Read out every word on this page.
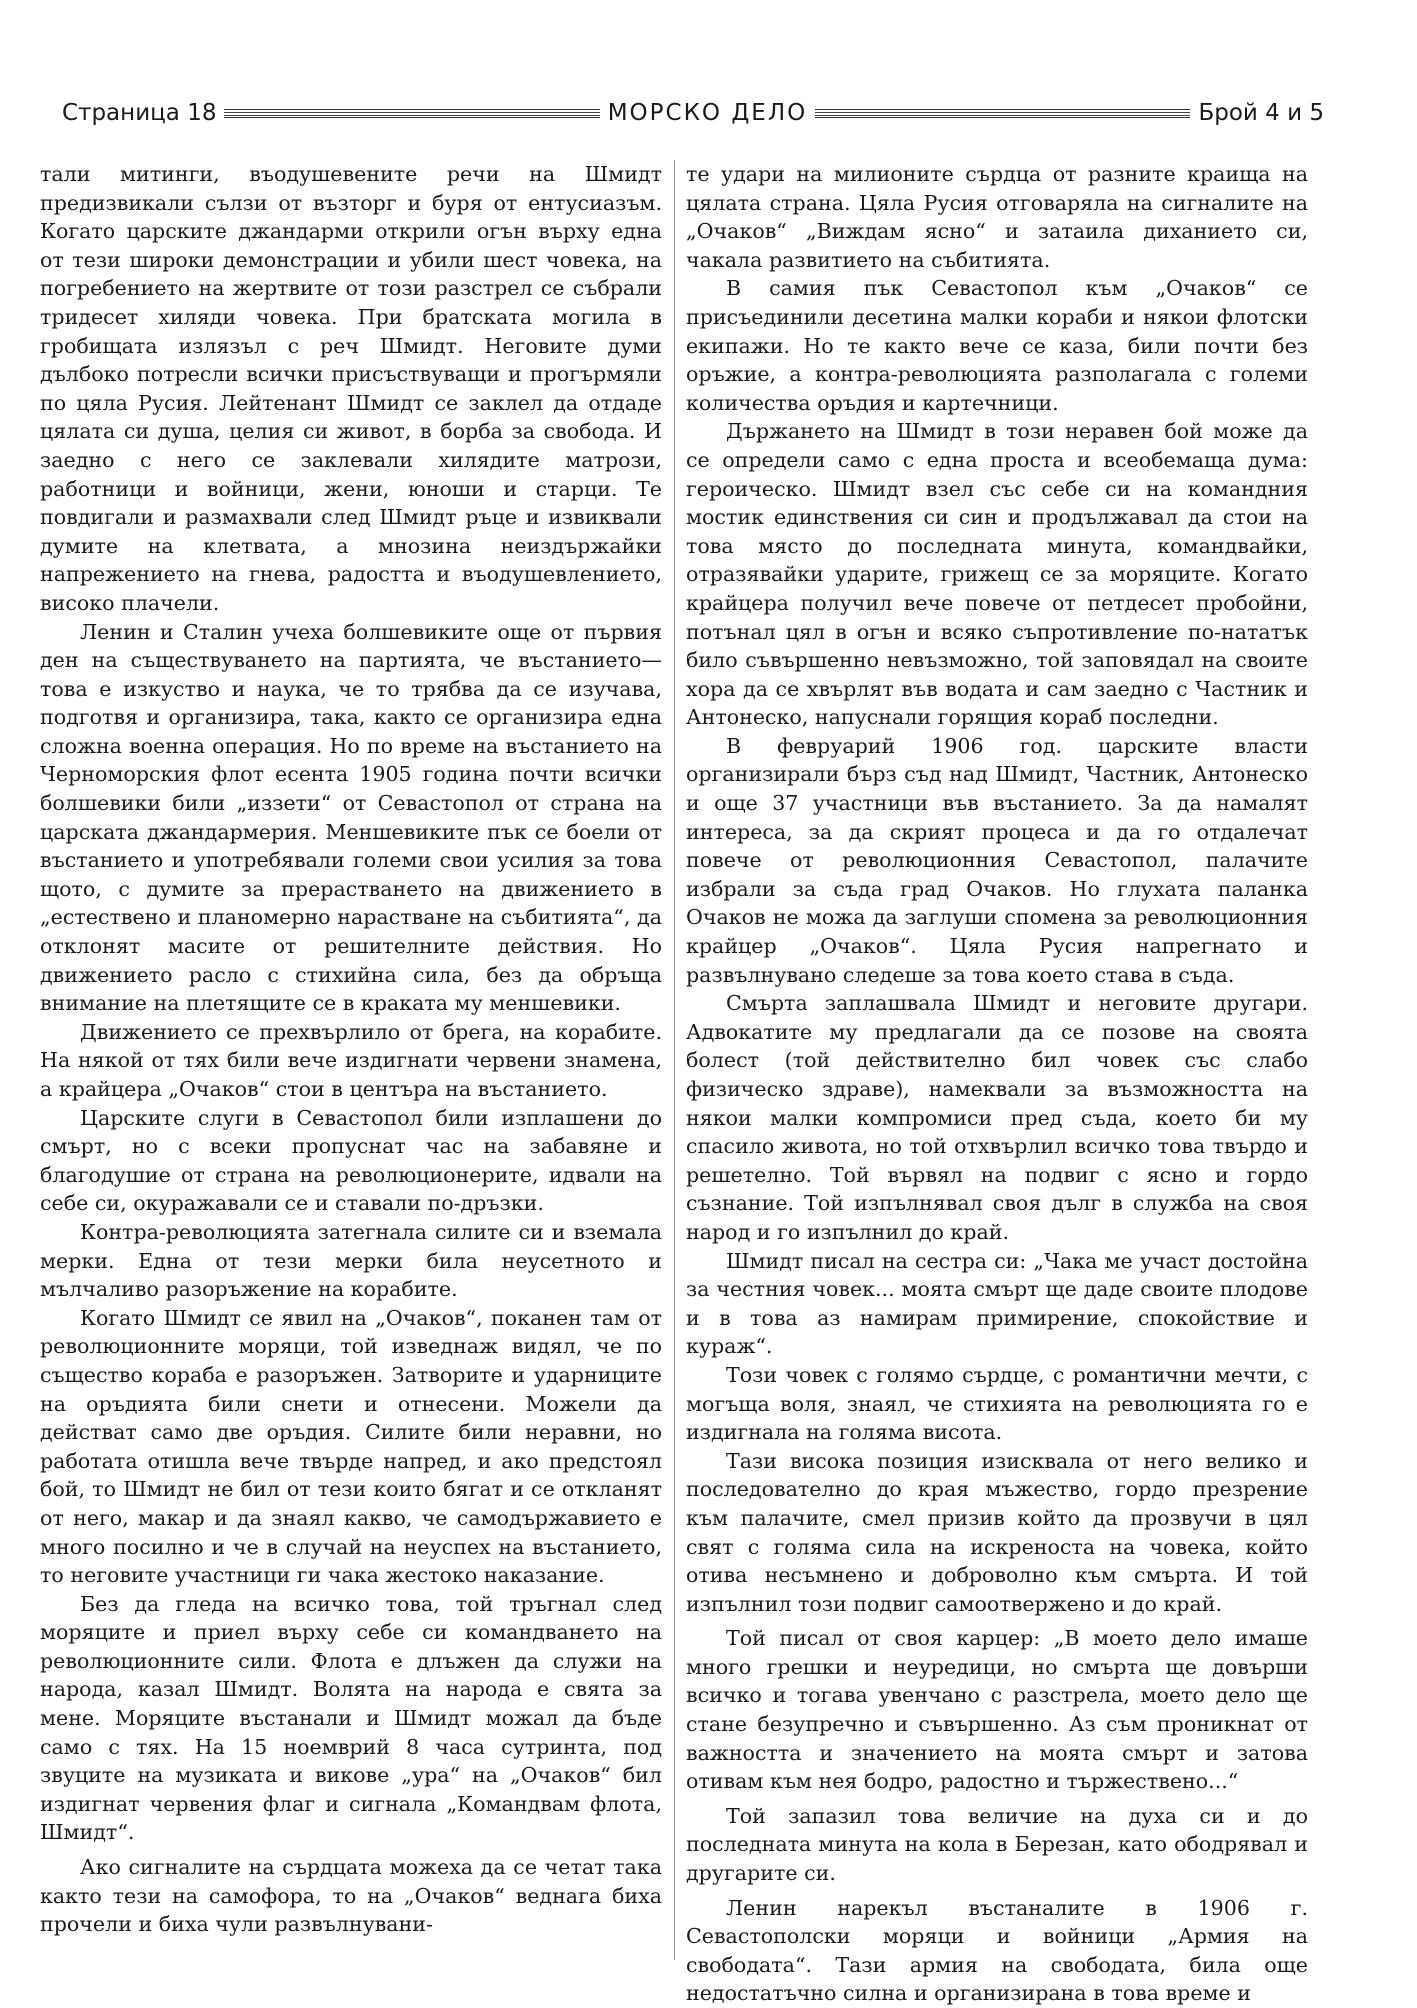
Страница 18	МОРСКО ДЕЛО	Брой 4 и 5

тали митинги, въодушевените речи на Шмидт предизвикали сълзи от възторг и буря от ентусиазъм. Когато царските джандарми открили огън върху една от тези широки демонстрации и убили шест човека, на погребението на жертвите от този разстрел се събрали тридесет хиляди човека. При братската могила в гробищата излязъл с реч Шмидт. Неговите думи дълбоко потресли всички присъствуващи и прогърмяли по цяла Русия. Лейтенант Шмидт се заклел да отдаде цялата си душа, целия си живот, в борба за свобода. И заедно с него се заклевали хилядите матрози, работници и войници, жени, юноши и старци. Те повдигали и размахвали след Шмидт ръце и извиквали думите на клетвата, а мнозина неиздържайки напрежението на гнева, радостта и въодушевлението, високо плачели.

Ленин и Сталин учеха болшевиките още от първия ден на съществуването на партията, че въстанието—това е изкуство и наука, че то трябва да се изучава, подготвя и организира, така, както се организира една сложна военна операция. Но по време на въстанието на Черноморския флот есента 1905 година почти всички болшевики били „иззети“ от Севастопол от страна на царската джандармерия. Меншевиките пък се боели от въстанието и употребявали големи свои усилия за това щото, с думите за прерастването на движението в „естествено и планомерно нарастване на събитията“, да отклонят масите от решителните действия. Но движението расло с стихийна сила, без да обръща внимание на плетящите се в краката му меншевики.

Движението се прехвърлило от брега, на корабите. На някой от тях били вече издигнати червени знамена, а крайцера „Очаков“ стои в центъра на въстанието.

Царските слуги в Севастопол били изплашени до смърт, но с всеки пропуснат час на забавяне и благодушие от страна на революционерите, идвали на себе си, окуражавали се и ставали по-дръзки.

Контра-революцията затегнала силите си и вземала мерки. Една от тези мерки била неусетното и мълчаливо разоръжение на корабите.

Когато Шмидт се явил на „Очаков“, поканен там от революционните моряци, той изведнаж видял, че по същество кораба е разоръжен. Затворите и ударниците на оръдията били снети и отнесени. Можели да действат само две оръдия. Силите били неравни, но работата отишла вече твърде напред, и ако предстоял бой, то Шмидт не бил от тези които бягат и се откланят от него, макар и да знаял какво, че самодържавието е много посилно и че в случай на неуспех на въстанието, то неговите участници ги чака жестоко наказание.

Без да гледа на всичко това, той тръгнал след моряците и приел върху себе си командването на революционните сили. Флота е длъжен да служи на народа, казал Шмидт. Волята на народа е свята за мене. Моряците въстанали и Шмидт можал да бъде само с тях. На 15 ноемврий 8 часа сутринта, под звуците на музиката и викове „ура“ на „Очаков“ бил издигнат червения флаг и сигнала „Командвам флота, Шмидт“.

Ако сигналите на сърдцата можеха да се четат така както тези на самофора, то на „Очаков“ веднага биха прочели и биха чули развълнувани-

те удари на милионите сърдца от разните краища на цялата страна. Цяла Русия отговаряла на сигналите на „Очаков“ „Виждам ясно“ и затаила диханието си, чакала развитието на събитията.

В самия пък Севастопол към „Очаков“ се присъединили десетина малки кораби и някои флотски екипажи. Но те както вече се каза, били почти без оръжие, а контра-революцията разполагала с големи количества оръдия и картечници.

Държането на Шмидт в този неравен бой може да се определи само с една проста и всеобемаща дума: героическо. Шмидт взел със себе си на командния мостик единствения си син и продължавал да стои на това място до последната минута, командвайки, отразявайки ударите, грижещ се за моряците. Когато крайцера получил вече повече от петдесет пробойни, потънал цял в огън и всяко съпротивление по-нататък било съвършенно невъзможно, той заповядал на своите хора да се хвърлят във водата и сам заедно с Частник и Антонеско, напуснали горящия кораб последни.

В февруарий 1906 год. царските власти организирали бърз съд над Шмидт, Частник, Антонеско и още 37 участници във въстанието. За да намалят интереса, за да скрият процеса и да го отдалечат повече от революционния Севастопол, палачите избрали за съда град Очаков. Но глухата паланка Очаков не можа да заглуши спомена за революционния крайцер „Очаков“. Цяла Русия напрегнато и развълнувано следеше за това което става в съда.

Смърта заплашвала Шмидт и неговите другари. Адвокатите му предлагали да се позове на своята болест (той действително бил човек със слабо физическо здраве), намеквали за възможността на някои малки компромиси пред съда, което би му спасило живота, но той отхвърлил всичко това твърдо и решетелно. Той вървял на подвиг с ясно и гордо съзнание. Той изпълнявал своя дълг в служба на своя народ и го изпълнил до край.

Шмидт писал на сестра си: „Чака ме участ достойна за честния човек... моята смърт ще даде своите плодове и в това аз намирам примирение, спокойствие и кураж“.

Този човек с голямо сърдце, с романтични мечти, с могъща воля, знаял, че стихията на революцията го е издигнала на голяма висота.

Тази висока позиция изисквала от него велико и последователно до края мъжество, гордо презрение към палачите, смел призив който да прозвучи в цял свят с голяма сила на искреноста на човека, който отива несъмнено и доброволно към смърта. И той изпълнил този подвиг самоотвержено и до край.

Той писал от своя карцер: „В моето дело имаше много грешки и неуредици, но смърта ще довърши всичко и тогава увенчано с разстрела, моето дело ще стане безупречно и съвършенно. Аз съм проникнат от важността и значението на моята смърт и затова отивам към нея бодро, радостно и тържествено...“

Той запазил това величие на духа си и до последната минута на кола в Березан, като ободрявал и другарите си.

Ленин нарекъл въстаналите в 1906 г. Севастополски моряци и войници „Армия на свободата“. Тази армия на свободата, била още недостатъчно силна и организирана в това време и
